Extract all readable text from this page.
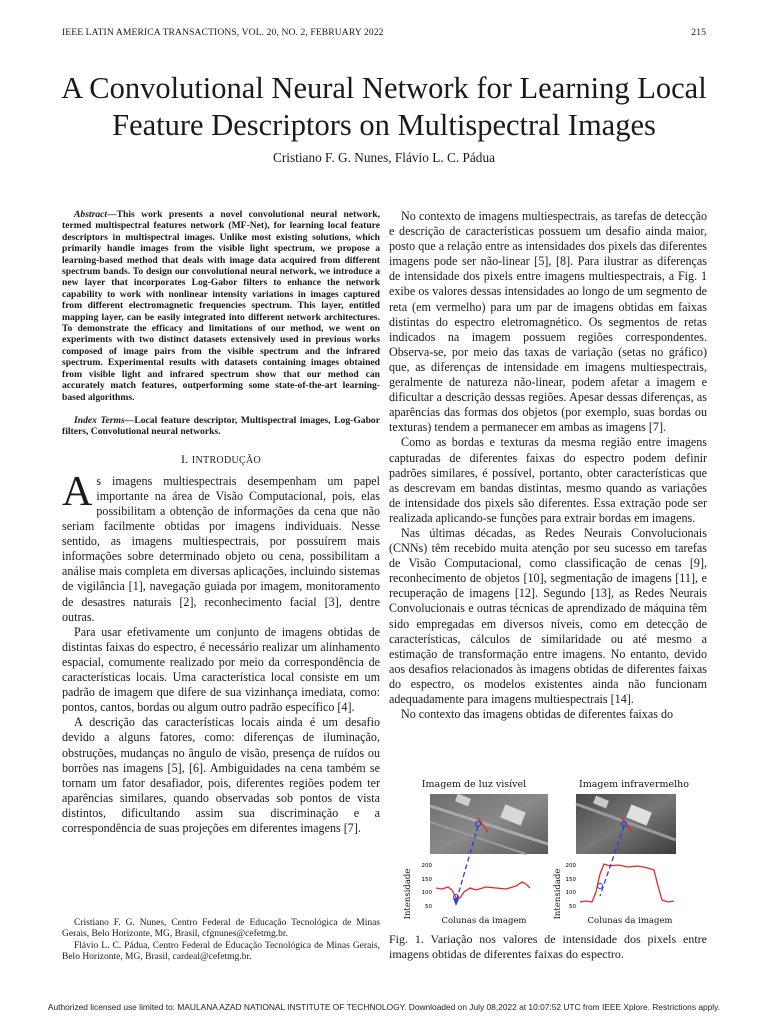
IEEE LATIN AMERICA TRANSACTIONS, VOL. 20, NO. 2, FEBRUARY 2022	215
A Convolutional Neural Network for Learning Local
Feature Descriptors on Multispectral Images
Cristiano F. G. Nunes, Flávio L. C. Pádua

Abstract—This work presents a novel convolutional neural network, termed multispectral features network (MF-Net), for learning local feature descriptors in multispectral images. Unlike most existing solutions, which primarily handle images from the visible light spectrum, we propose a learning-based method that deals with image data acquired from different spectrum bands. To design our convolutional neural network, we introduce a new layer that incorporates Log-Gabor filters to enhance the network capability to work with nonlinear intensity variations in images captured from different electromagnetic frequencies spectrum. This layer, entitled mapping layer, can be easily integrated into different network architectures. To demonstrate the efficacy and limitations of our method, we went on experiments with two distinct datasets extensively used in previous works composed of image pairs from the visible spectrum and the infrared spectrum. Experimental results with datasets containing images obtained from visible light and infrared spectrum show that our method can accurately match features, outperforming some state-of-the-art learning-based algorithms.

Index Terms—Local feature descriptor, Multispectral images, Log-Gabor filters, Convolutional neural networks.

I. INTRODUÇÃO

As imagens multiespectrais desempenham um papel importante na área de Visão Computacional, pois, elas possibilitam a obtenção de informações da cena que não seriam facilmente obtidas por imagens individuais. Nesse sentido, as imagens multiespectrais, por possuírem mais informações sobre determinado objeto ou cena, possibilitam a análise mais completa em diversas aplicações, incluindo sistemas de vigilância [1], navegação guiada por imagem, monitoramento de desastres naturais [2], reconhecimento facial [3], dentre outras.

Para usar efetivamente um conjunto de imagens obtidas de distintas faixas do espectro, é necessário realizar um alinhamento espacial, comumente realizado por meio da correspondência de características locais. Uma característica local consiste em um padrão de imagem que difere de sua vizinhança imediata, como: pontos, cantos, bordas ou algum outro padrão específico [4].

A descrição das características locais ainda é um desafio devido a alguns fatores, como: diferenças de iluminação, obstruções, mudanças no ângulo de visão, presença de ruídos ou borrões nas imagens [5], [6]. Ambiguidades na cena também se tornam um fator desafiador, pois, diferentes regiões podem ter aparências similares, quando observadas sob pontos de vista distintos, dificultando assim sua discriminação e a correspondência de suas projeções em diferentes imagens [7].

Cristiano F. G. Nunes, Centro Federal de Educação Tecnológica de Minas Gerais, Belo Horizonte, MG, Brasil, cfgnunes@cefetmg.br.

Flávio L. C. Pádua, Centro Federal de Educação Tecnológica de Minas Gerais, Belo Horizonte, MG, Brasil, cardeal@cefetmg.br.

No contexto de imagens multiespectrais, as tarefas de detecção e descrição de características possuem um desafio ainda maior, posto que a relação entre as intensidades dos pixels das diferentes imagens pode ser não-linear [5], [8]. Para ilustrar as diferenças de intensidade dos pixels entre imagens multiespectrais, a Fig. 1 exibe os valores dessas intensidades ao longo de um segmento de reta (em vermelho) para um par de imagens obtidas em faixas distintas do espectro eletromagnético. Os segmentos de retas indicados na imagem possuem regiões correspondentes. Observa-se, por meio das taxas de variação (setas no gráfico) que, as diferenças de intensidade em imagens multiespectrais, geralmente de natureza não-linear, podem afetar a imagem e dificultar a descrição dessas regiões. Apesar dessas diferenças, as aparências das formas dos objetos (por exemplo, suas bordas ou texturas) tendem a permanecer em ambas as imagens [7].

Como as bordas e texturas da mesma região entre imagens capturadas de diferentes faixas do espectro podem definir padrões similares, é possível, portanto, obter características que as descrevam em bandas distintas, mesmo quando as variações de intensidade dos pixels são diferentes. Essa extração pode ser realizada aplicando-se funções para extrair bordas em imagens.

Nas últimas décadas, as Redes Neurais Convolucionais (CNNs) têm recebido muita atenção por seu sucesso em tarefas de Visão Computacional, como classificação de cenas [9], reconhecimento de objetos [10], segmentação de imagens [11], e recuperação de imagens [12]. Segundo [13], as Redes Neurais Convolucionais e outras técnicas de aprendizado de máquina têm sido empregadas em diversos níveis, como em detecção de características, cálculos de similaridade ou até mesmo a estimação de transformação entre imagens. No entanto, devido aos desafios relacionados às imagens obtidas de diferentes faixas do espectro, os modelos existentes ainda não funcionam adequadamente para imagens multiespectrais [14].

No contexto das imagens obtidas de diferentes faixas do

Imagem de luz visível	Imagem infravermelho
Intensidade
200
150
100
50
Colunas da imagem
Intensidade
200
150
100
50
Colunas da imagem
Fig. 1. Variação nos valores de intensidade dos pixels entre imagens obtidas de diferentes faixas do espectro.
Authorized licensed use limited to: MAULANA AZAD NATIONAL INSTITUTE OF TECHNOLOGY. Downloaded on July 08,2022 at 10:07:52 UTC from IEEE Xplore. Restrictions apply.
